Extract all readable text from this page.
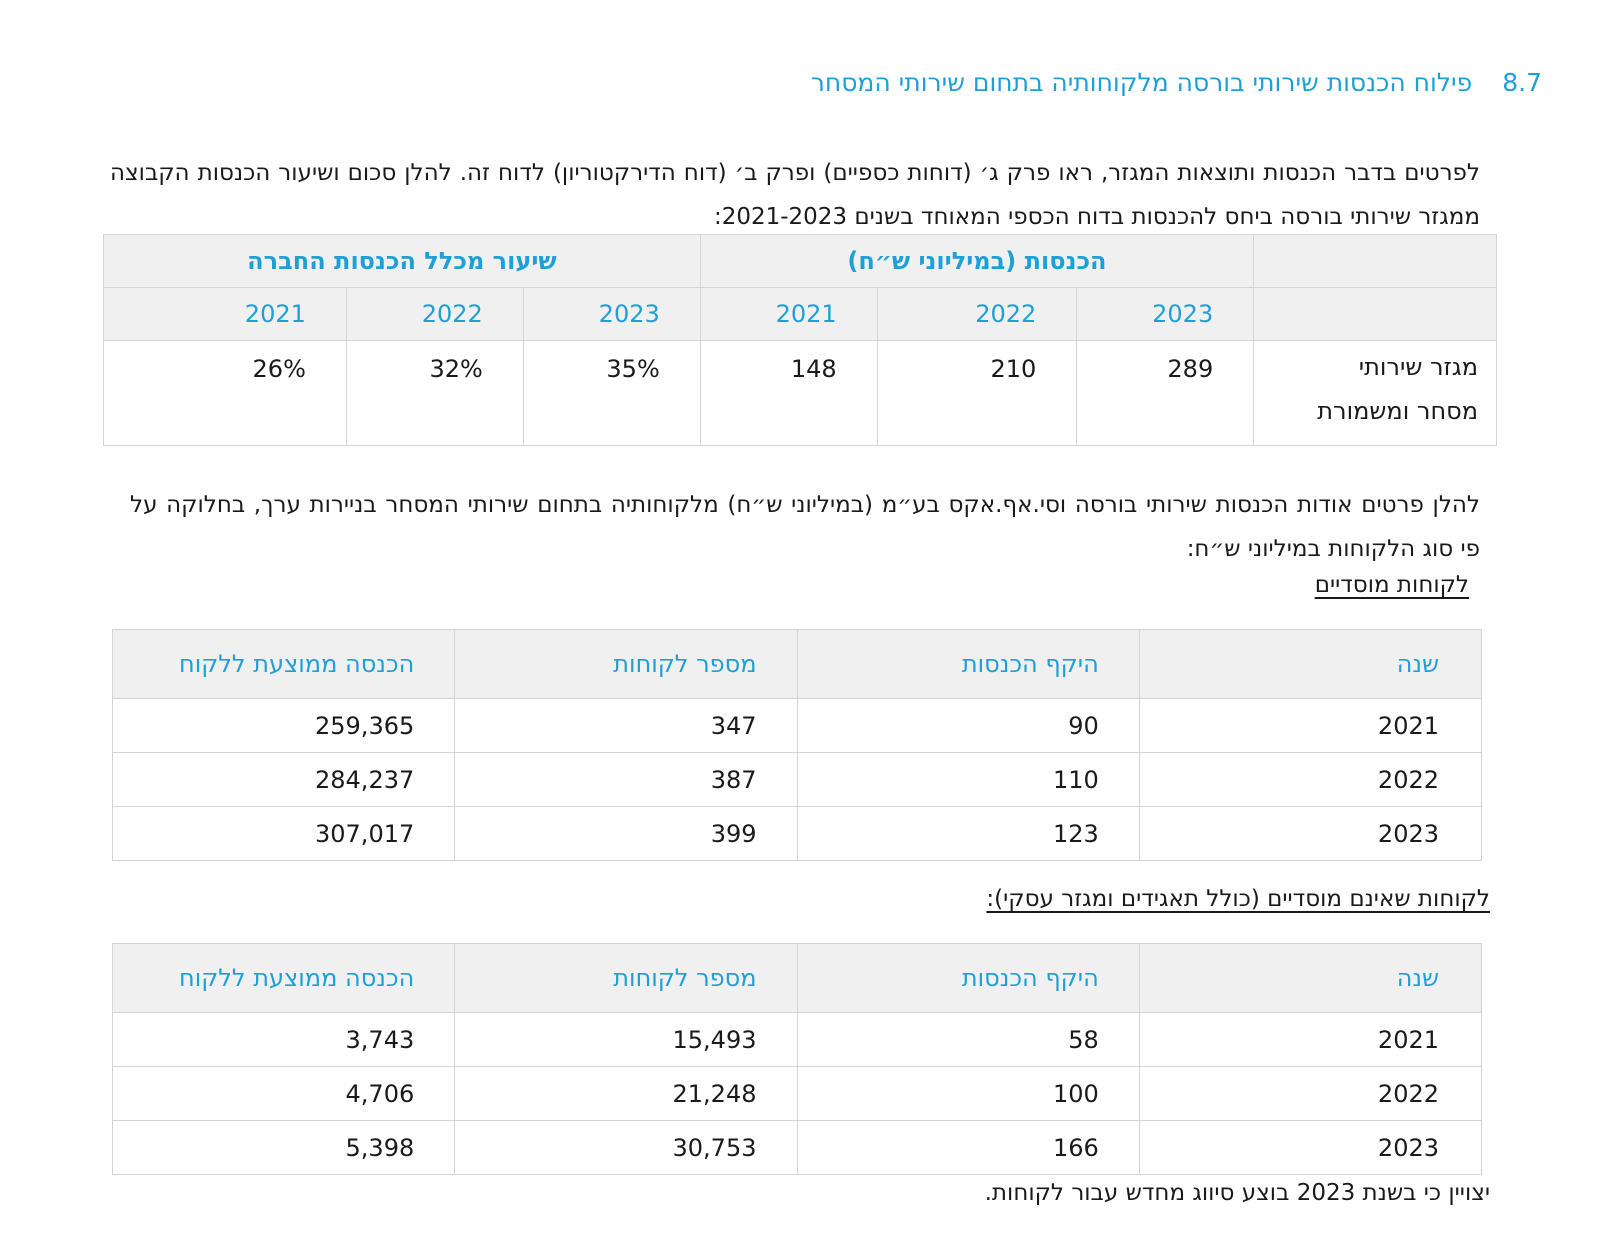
8.7
פילוח הכנסות שירותי בורסה מלקוחותיה בתחום שירותי המסחר

לפרטים בדבר הכנסות ותוצאות המגזר, ראו פרק ג׳ (דוחות כספיים) ופרק ב׳ (דוח הדירקטוריון) לדוח זה. להלן סכום ושיעור הכנסות הקבוצה ממגזר שירותי בורסה ביחס להכנסות בדוח הכספי המאוחד בשנים 2021-2023:

	הכנסות (במיליוני ש״ח)			שיעור מכלל הכנסות החברה		
	2023	2022	2021	2023	2022	2021
מגזר שירותי מסחר ומשמורת	289	210	148	35%	32%	26%

להלן פרטים אודות הכנסות שירותי בורסה וסי.אף.אקס בע״מ (במיליוני ש״ח) מלקוחותיה בתחום שירותי המסחר בניירות ערך, בחלוקה על פי סוג הלקוחות במיליוני ש״ח:

לקוחות מוסדיים
שנה	היקף הכנסות	מספר לקוחות	הכנסה ממוצעת ללקוח
2021	90	347	259,365
2022	110	387	284,237
2023	123	399	307,017
לקוחות שאינם מוסדיים (כולל תאגידים ומגזר עסקי):
שנה	היקף הכנסות	מספר לקוחות	הכנסה ממוצעת ללקוח
2021	58	15,493	3,743
2022	100	21,248	4,706
2023	166	30,753	5,398
יצויין כי בשנת 2023 בוצע סיווג מחדש עבור לקוחות.
